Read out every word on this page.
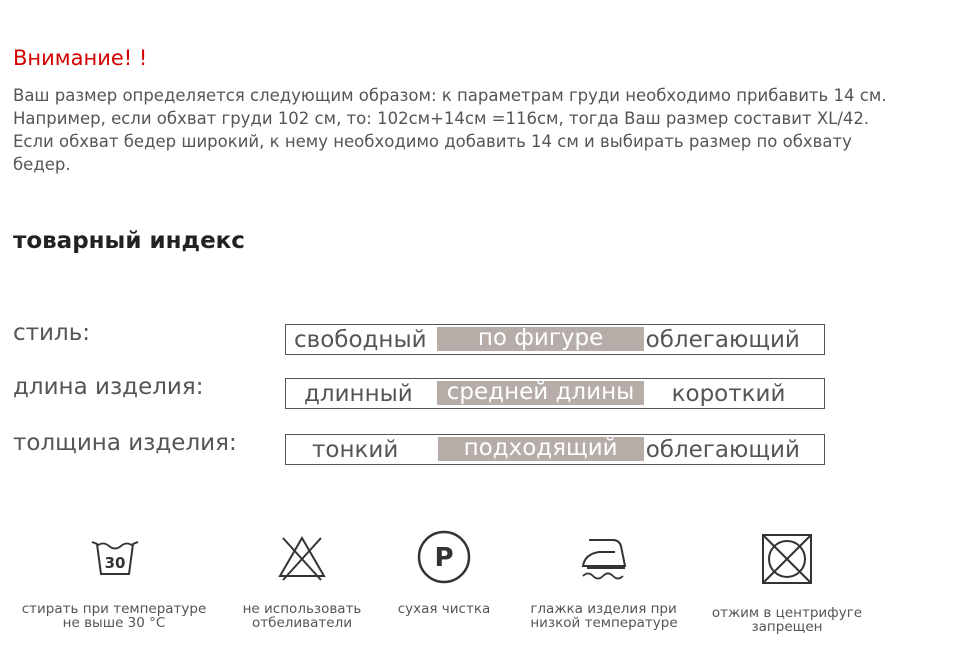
Внимание! !

Ваш размер определяется следующим образом: к параметрам груди необходимо прибавить 14 см. Например, если обхват груди 102 см, то: 102см+14см =116см, тогда Ваш размер составит XL/42. Если обхват бедер широкий, к нему необходимо добавить 14 см и выбирать размер по обхвату бедер.

товарный индекс
стиль:	свободный	по фигуре	облегающий
длина изделия:	длинный	средней длины	короткий
толщина изделия:	тонкий	подходящий	облегающий
30
стирать при температуре
не выше 30 °C
не использовать
отбеливатели
P
сухая чистка	глажка изделия при
низкой температуре
отжим в центрифуге
запрещен
